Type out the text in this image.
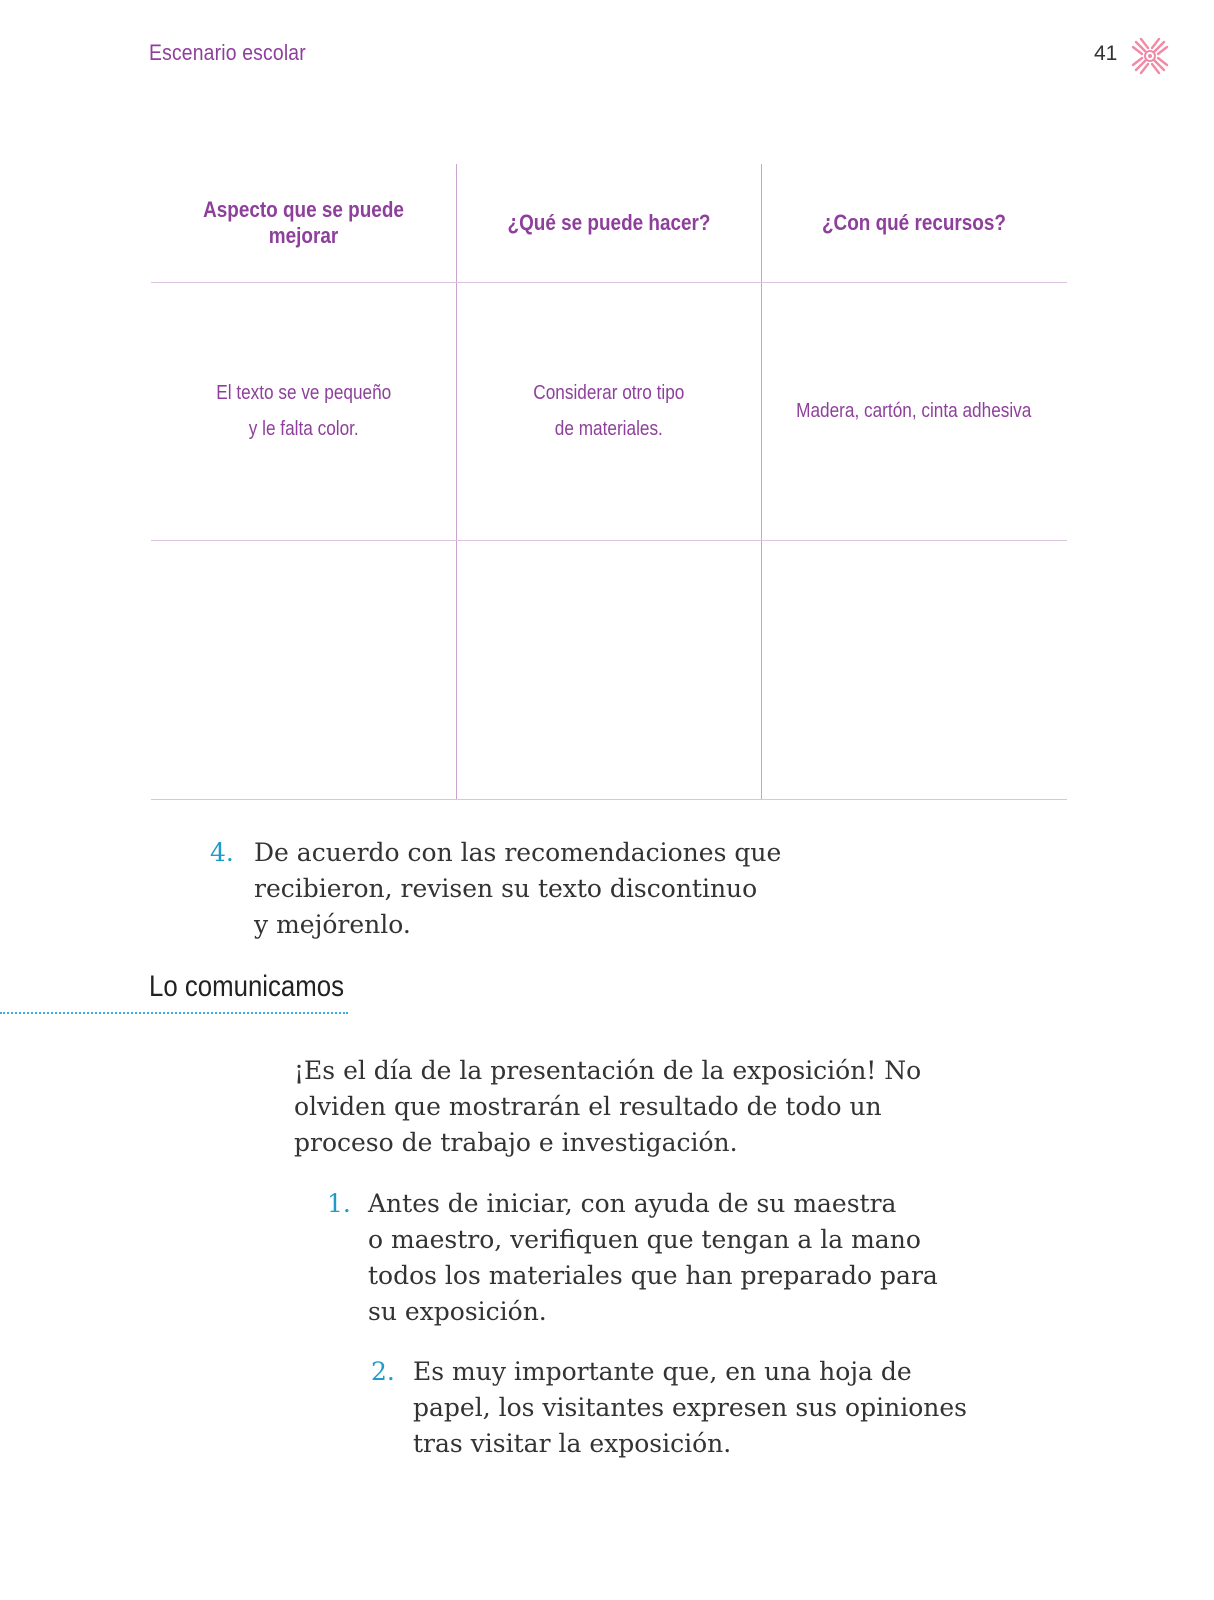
Escenario escolar	41
Aspecto que se puede mejorar
¿Qué se puede hacer?	¿Con qué recursos?
El texto se ve pequeño
y le falta color.
Considerar otro tipo
de materiales.
Madera, cartón, cinta adhesiva
4. De acuerdo con las recomendaciones que
recibieron, revisen su texto discontinuo
y mejórenlo.
Lo comunicamos
¡Es el día de la presentación de la exposición! No
olviden que mostrarán el resultado de todo un
proceso de trabajo e investigación.
1. Antes de iniciar, con ayuda de su maestra
o maestro, verifiquen que tengan a la mano
todos los materiales que han preparado para
su exposición.
2. Es muy importante que, en una hoja de
papel, los visitantes expresen sus opiniones
tras visitar la exposición.
